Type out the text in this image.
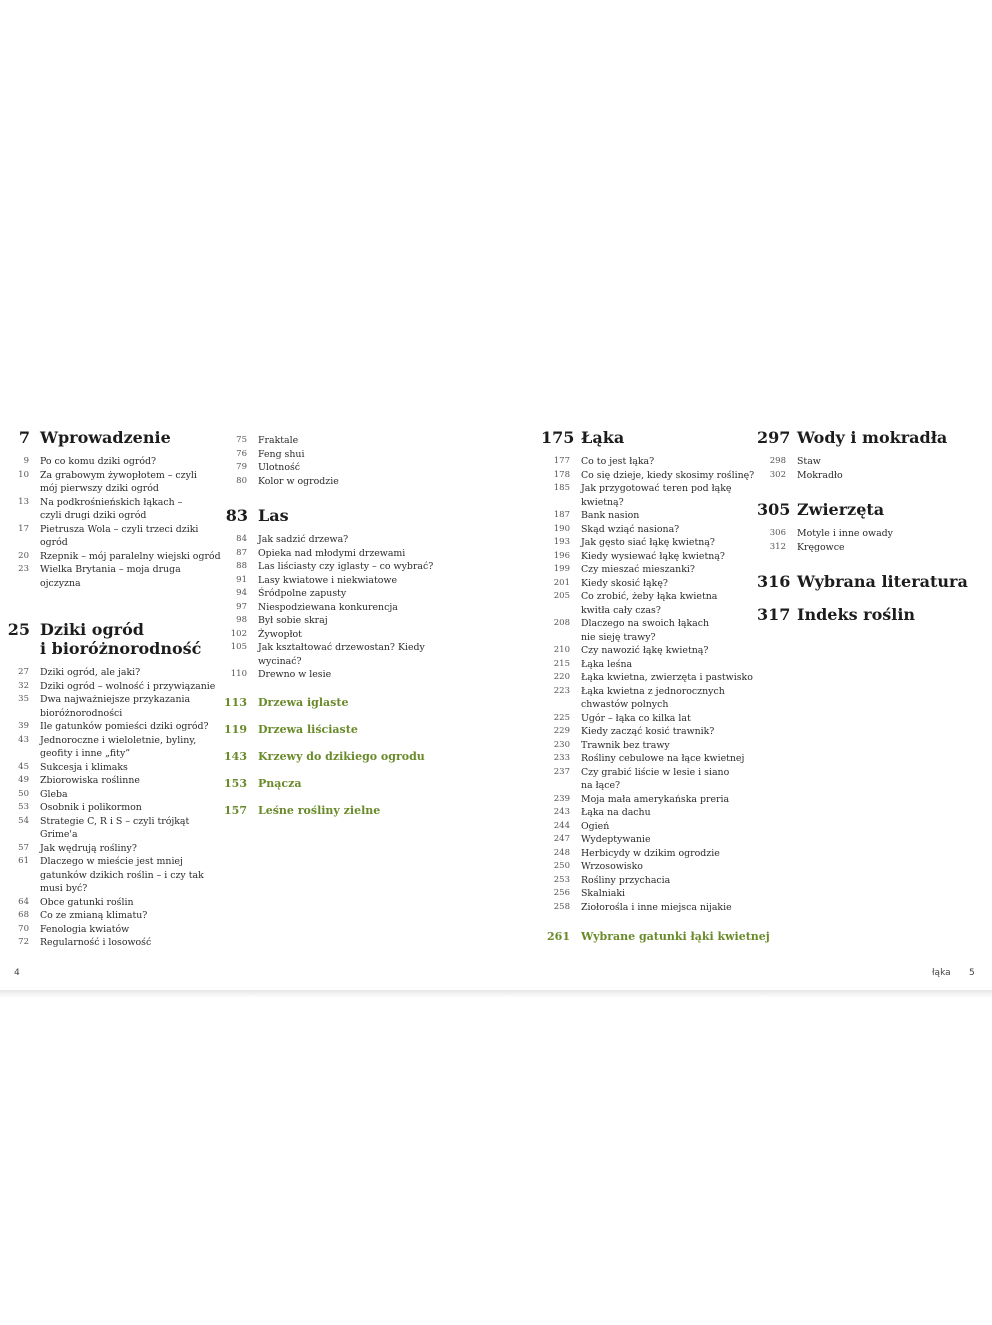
7 Wprowadzenie
9	Po co komu dziki ogród?
10	Za grabowym żywopłotem – czyli
mój pierwszy dziki ogród
13	Na podkrośnieńskich łąkach –
czyli drugi dziki ogród
17	Pietrusza Wola – czyli trzeci dziki
ogród
20	Rzepnik – mój paralelny wiejski ogród
23	Wielka Brytania – moja druga
ojczyzna
25 Dziki ogród
i bioróżnorodność
27	Dziki ogród, ale jaki?
32	Dziki ogród – wolność i przywiązanie
35	Dwa najważniejsze przykazania
bioróżnorodności
39	Ile gatunków pomieści dziki ogród?
43	Jednoroczne i wieloletnie, byliny,
geofity i inne „fity”
45	Sukcesja i klimaks
49	Zbiorowiska roślinne
50	Gleba
53	Osobnik i polikormon
54	Strategie C, R i S – czyli trójkąt
Grime'a
57	Jak wędrują rośliny?
61	Dlaczego w mieście jest mniej
gatunków dzikich roślin – i czy tak
musi być?
64	Obce gatunki roślin
68	Co ze zmianą klimatu?
70	Fenologia kwiatów
72	Regularność i losowość
75	Fraktale
76	Feng shui
79	Ulotność
80	Kolor w ogrodzie
83 Las
84	Jak sadzić drzewa?
87	Opieka nad młodymi drzewami
88	Las liściasty czy iglasty – co wybrać?
91	Lasy kwiatowe i niekwiatowe
94	Śródpolne zapusty
97	Niespodziewana konkurencja
98	Był sobie skraj
102	Żywopłot
105	Jak kształtować drzewostan? Kiedy
wycinać?
110	Drewno w lesie
113	Drzewa iglaste
119	Drzewa liściaste
143	Krzewy do dzikiego ogrodu
153	Pnącza
157	Leśne rośliny zielne
175 Łąka
177	Co to jest łąka?
178	Co się dzieje, kiedy skosimy roślinę?
185	Jak przygotować teren pod łąkę
kwietną?
187	Bank nasion
190	Skąd wziąć nasiona?
193	Jak gęsto siać łąkę kwietną?
196	Kiedy wysiewać łąkę kwietną?
199	Czy mieszać mieszanki?
201	Kiedy skosić łąkę?
205	Co zrobić, żeby łąka kwietna
kwitła cały czas?
208	Dlaczego na swoich łąkach
nie sieję trawy?
210	Czy nawozić łąkę kwietną?
215	Łąka leśna
220	Łąka kwietna, zwierzęta i pastwisko
223	Łąka kwietna z jednorocznych
chwastów polnych
225	Ugór – łąka co kilka lat
229	Kiedy zacząć kosić trawnik?
230	Trawnik bez trawy
233	Rośliny cebulowe na łące kwietnej
237	Czy grabić liście w lesie i siano
na łące?
239	Moja mała amerykańska preria
243	Łąka na dachu
244	Ogień
247	Wydeptywanie
248	Herbicydy w dzikim ogrodzie
250	Wrzosowisko
253	Rośliny przychacia
256	Skalniaki
258	Ziołorośla i inne miejsca nijakie
261	Wybrane gatunki łąki kwietnej
297 Wody i mokradła
298	Staw
302	Mokradło
305 Zwierzęta
306	Motyle i inne owady
312	Kręgowce
316 Wybrana literatura
317 Indeks roślin
4	łąka 5
